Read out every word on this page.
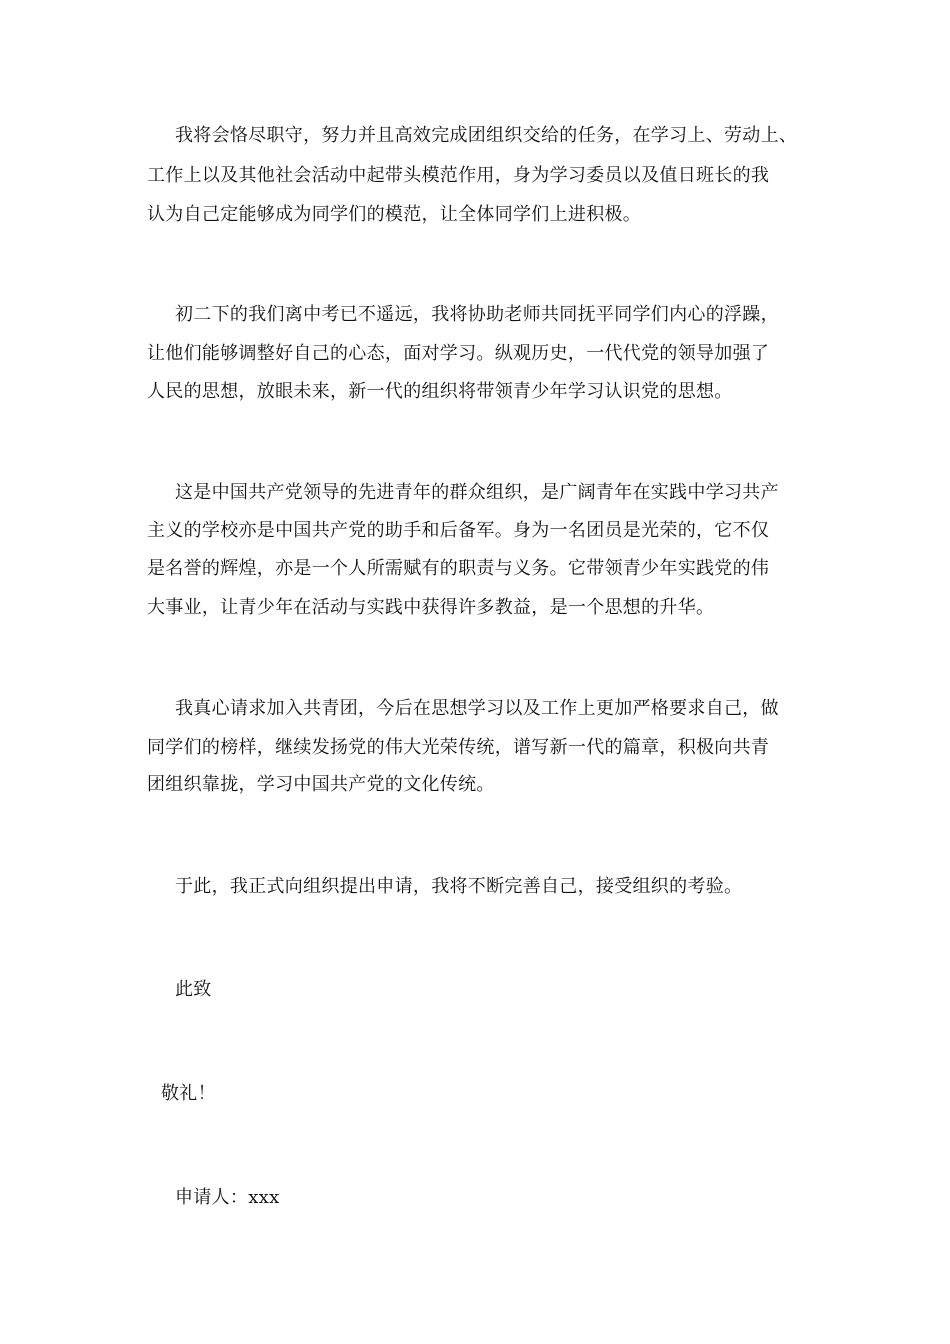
我将会恪尽职守，努力并且高效完成团组织交给的任务，在学习上、劳动上、
工作上以及其他社会活动中起带头模范作用，身为学习委员以及值日班长的我
认为自己定能够成为同学们的模范，让全体同学们上进积极。
初二下的我们离中考已不遥远，我将协助老师共同抚平同学们内心的浮躁，
让他们能够调整好自己的心态，面对学习。纵观历史，一代代党的领导加强了
人民的思想，放眼未来，新一代的组织将带领青少年学习认识党的思想。
这是中国共产党领导的先进青年的群众组织，是广阔青年在实践中学习共产
主义的学校亦是中国共产党的助手和后备军。身为一名团员是光荣的，它不仅
是名誉的辉煌，亦是一个人所需赋有的职责与义务。它带领青少年实践党的伟
大事业，让青少年在活动与实践中获得许多教益，是一个思想的升华。
我真心请求加入共青团，今后在思想学习以及工作上更加严格要求自己，做
同学们的榜样，继续发扬党的伟大光荣传统，谱写新一代的篇章，积极向共青
团组织靠拢，学习中国共产党的文化传统。
于此，我正式向组织提出申请，我将不断完善自己，接受组织的考验。
此致
敬礼！
申请人：xxx
